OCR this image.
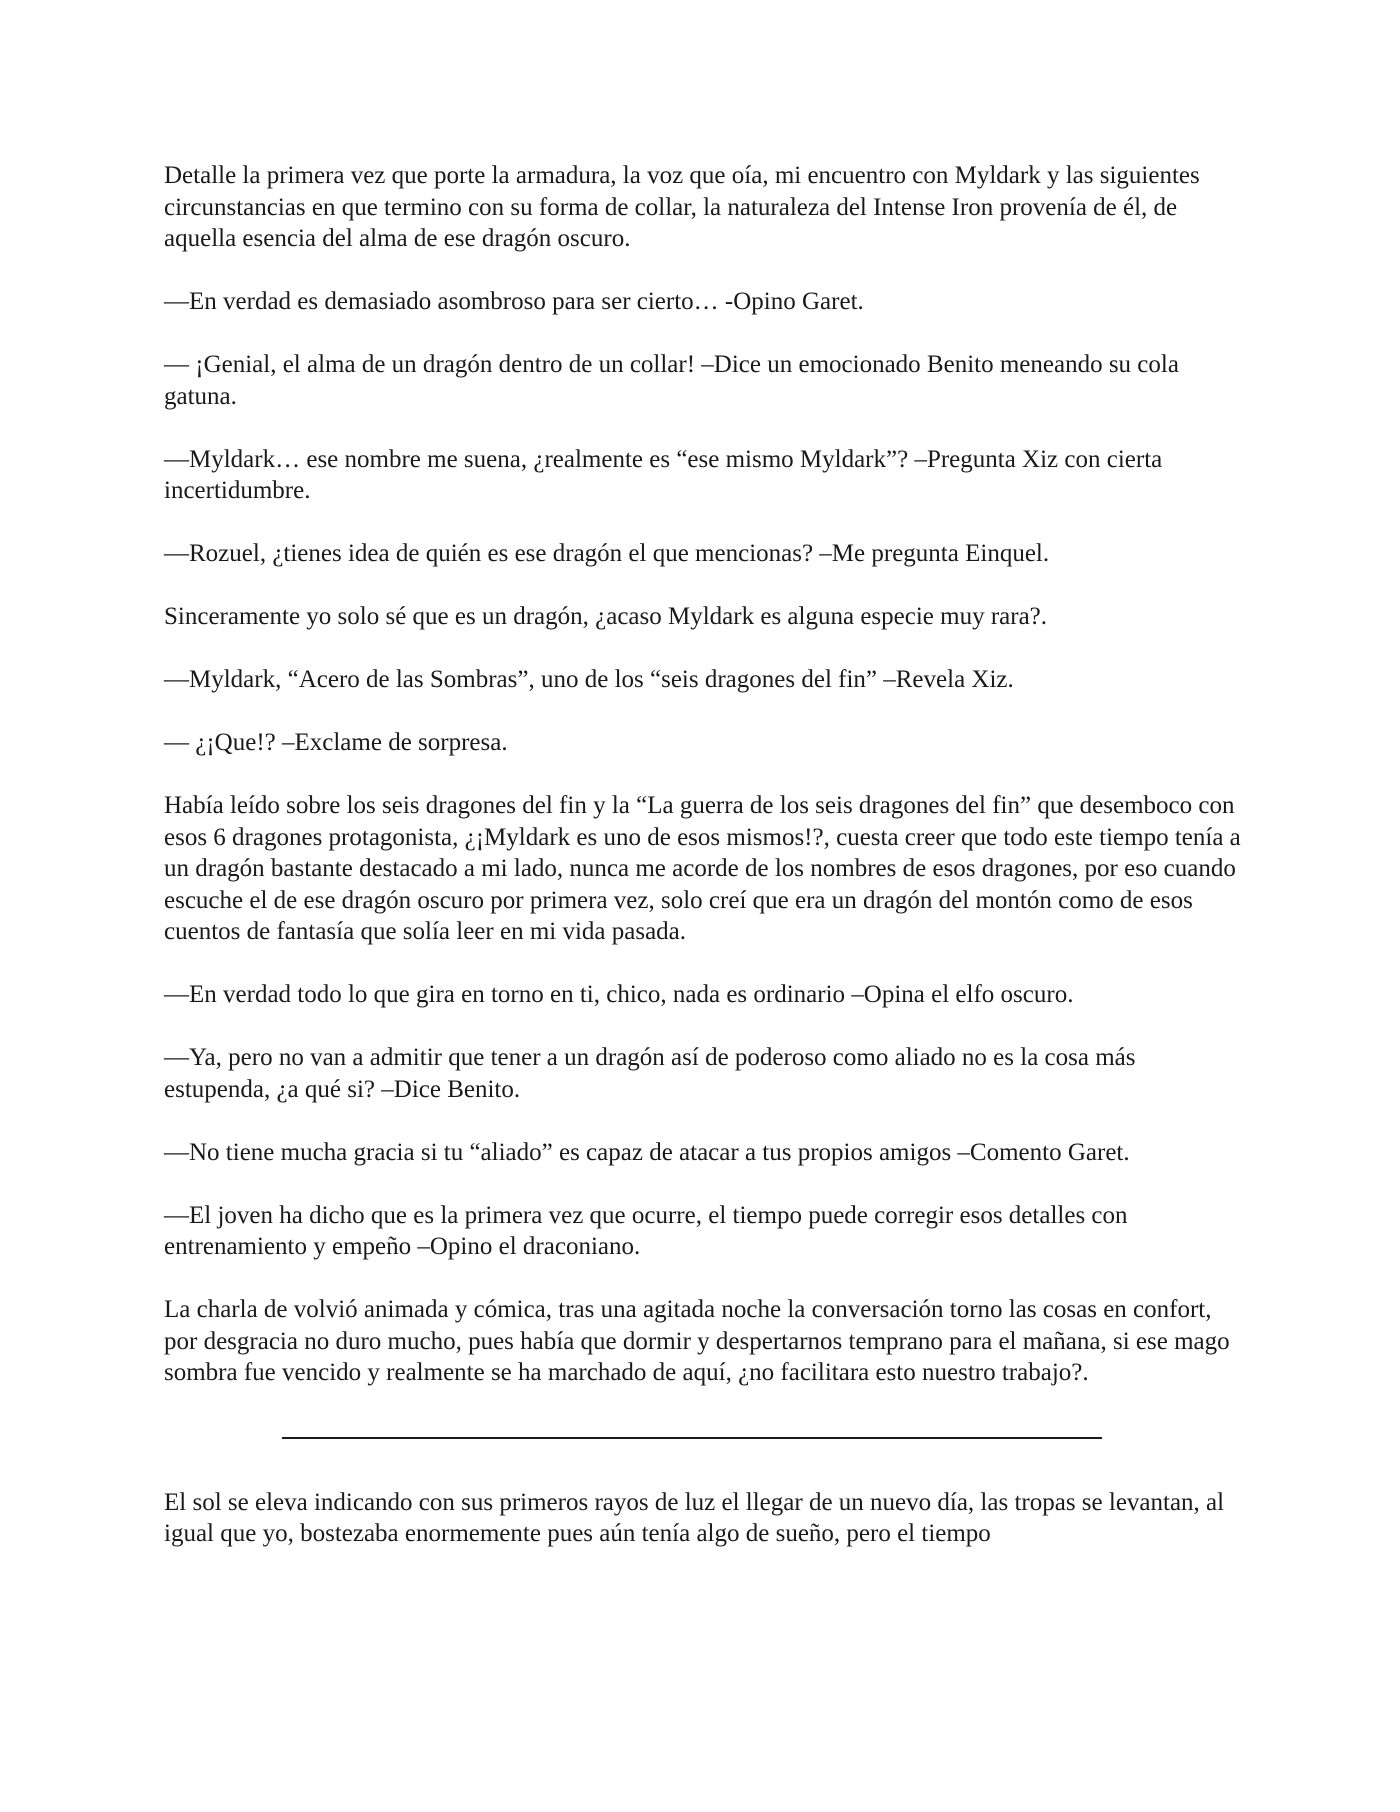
Detalle la primera vez que porte la armadura, la voz que oía, mi encuentro con Myldark y las siguientes circunstancias en que termino con su forma de collar, la naturaleza del Intense Iron provenía de él, de aquella esencia del alma de ese dragón oscuro.

—En verdad es demasiado asombroso para ser cierto… -Opino Garet.

— ¡Genial, el alma de un dragón dentro de un collar! –Dice un emocionado Benito meneando su cola gatuna.

—Myldark… ese nombre me suena, ¿realmente es “ese mismo Myldark”? –Pregunta Xiz con cierta incertidumbre.

—Rozuel, ¿tienes idea de quién es ese dragón el que mencionas? –Me pregunta Einquel.

Sinceramente yo solo sé que es un dragón, ¿acaso Myldark es alguna especie muy rara?.

—Myldark, “Acero de las Sombras”, uno de los “seis dragones del fin” –Revela Xiz.

— ¿¡Que!? –Exclame de sorpresa.

Había leído sobre los seis dragones del fin y la “La guerra de los seis dragones del fin” que desemboco con esos 6 dragones protagonista, ¿¡Myldark es uno de esos mismos!?, cuesta creer que todo este tiempo tenía a un dragón bastante destacado a mi lado, nunca me acorde de los nombres de esos dragones, por eso cuando escuche el de ese dragón oscuro por primera vez, solo creí que era un dragón del montón como de esos cuentos de fantasía que solía leer en mi vida pasada.

—En verdad todo lo que gira en torno en ti, chico, nada es ordinario –Opina el elfo oscuro.

—Ya, pero no van a admitir que tener a un dragón así de poderoso como aliado no es la cosa más estupenda, ¿a qué si? –Dice Benito.

—No tiene mucha gracia si tu “aliado” es capaz de atacar a tus propios amigos –Comento Garet.

—El joven ha dicho que es la primera vez que ocurre, el tiempo puede corregir esos detalles con entrenamiento y empeño –Opino el draconiano.

La charla de volvió animada y cómica, tras una agitada noche la conversación torno las cosas en confort, por desgracia no duro mucho, pues había que dormir y despertarnos temprano para el mañana, si ese mago sombra fue vencido y realmente se ha marchado de aquí, ¿no facilitara esto nuestro trabajo?.

El sol se eleva indicando con sus primeros rayos de luz el llegar de un nuevo día, las tropas se levantan, al igual que yo, bostezaba enormemente pues aún tenía algo de sueño, pero el tiempo
